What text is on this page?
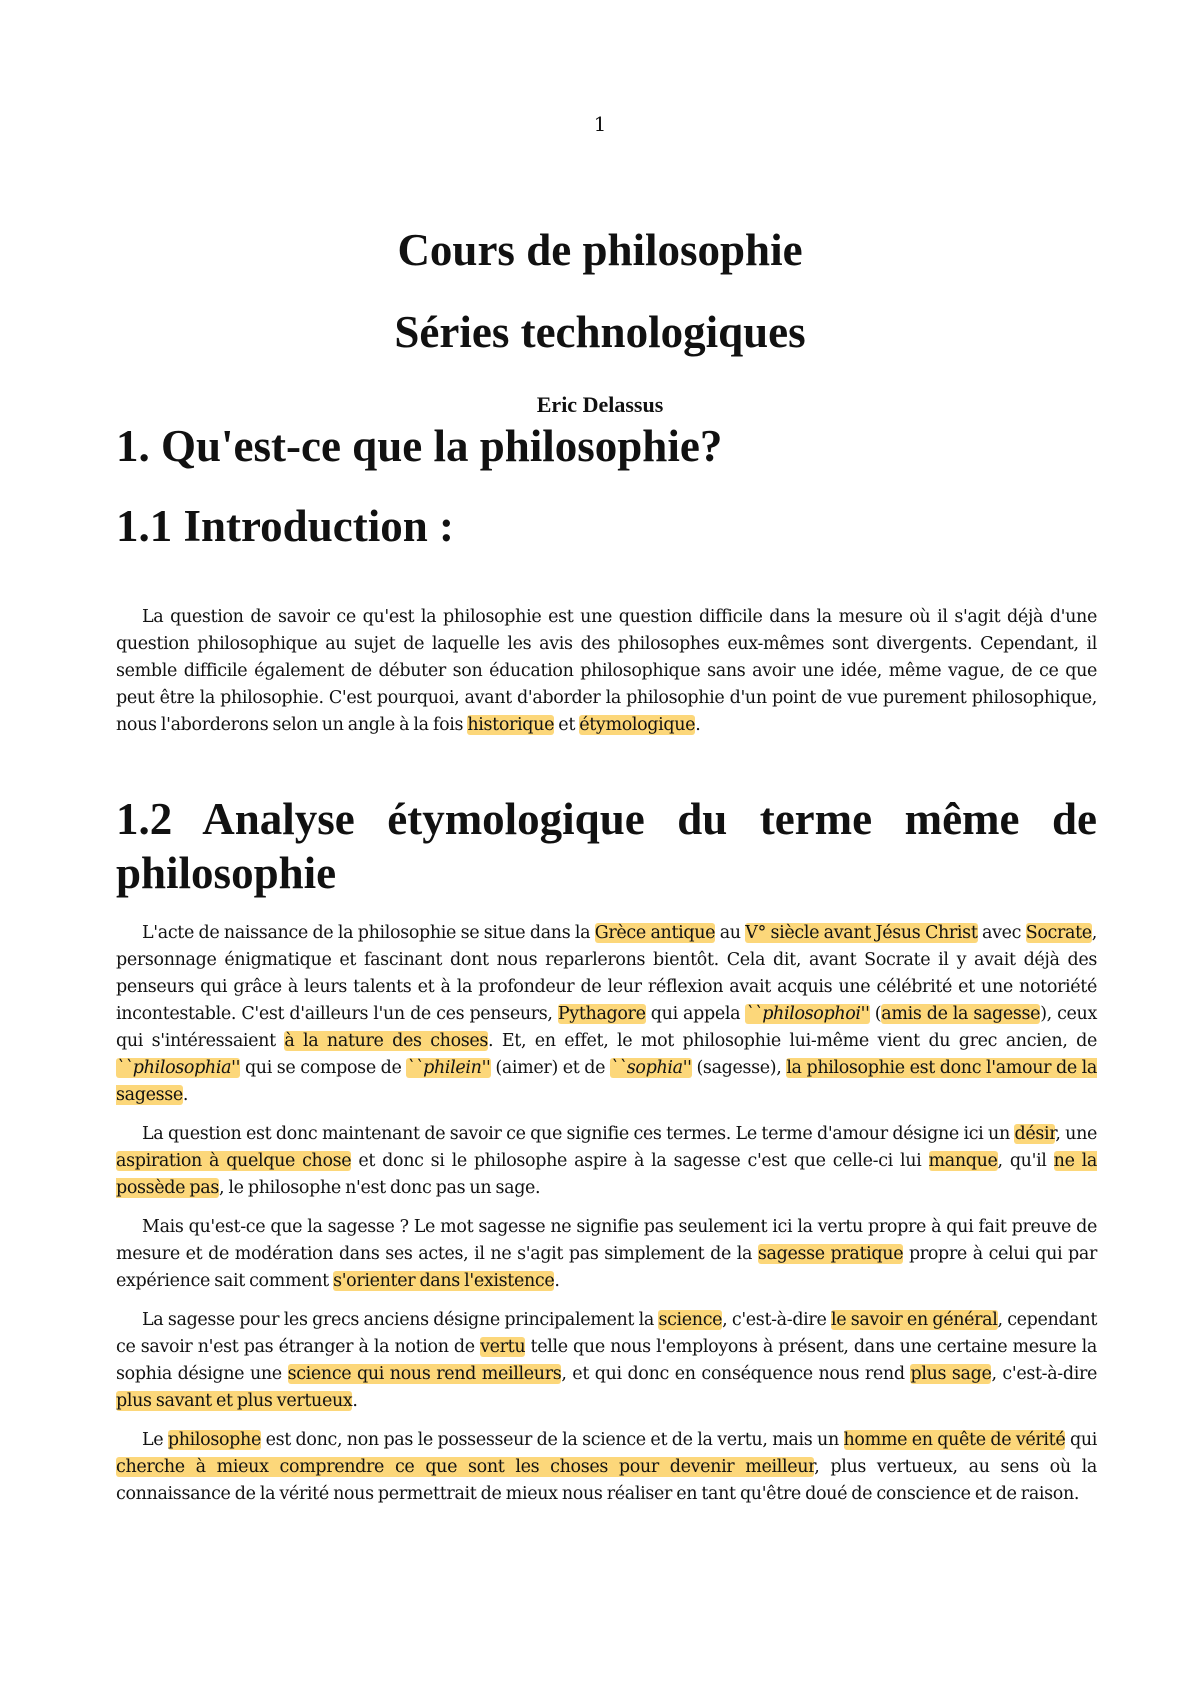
1
Cours de philosophie
Séries technologiques
Eric Delassus
1. Qu'est-ce que la philosophie?
1.1 Introduction :

La question de savoir ce qu'est la philosophie est une question difficile dans la mesure où il s'agit déjà d'une question philosophique au sujet de laquelle les avis des philosophes eux-mêmes sont divergents. Cependant, il semble difficile également de débuter son éducation philosophique sans avoir une idée, même vague, de ce que peut être la philosophie. C'est pourquoi, avant d'aborder la philosophie d'un point de vue purement philosophique, nous l'aborderons selon un angle à la fois historique et étymologique.

1.2 Analyse étymologique du terme même de philosophie

L'acte de naissance de la philosophie se situe dans la Grèce antique au V° siècle avant Jésus Christ avec Socrate, personnage énigmatique et fascinant dont nous reparlerons bientôt. Cela dit, avant Socrate il y avait déjà des penseurs qui grâce à leurs talents et à la profondeur de leur réflexion avait acquis une célébrité et une notoriété incontestable. C'est d'ailleurs l'un de ces penseurs, Pythagore qui appela ``philosophoi'' (amis de la sagesse), ceux qui s'intéressaient à la nature des choses. Et, en effet, le mot philosophie lui-même vient du grec ancien, de ``philosophia'' qui se compose de ``philein'' (aimer) et de ``sophia'' (sagesse), la philosophie est donc l'amour de la sagesse.

La question est donc maintenant de savoir ce que signifie ces termes. Le terme d'amour désigne ici un désir, une aspiration à quelque chose et donc si le philosophe aspire à la sagesse c'est que celle-ci lui manque, qu'il ne la possède pas, le philosophe n'est donc pas un sage.

Mais qu'est-ce que la sagesse ? Le mot sagesse ne signifie pas seulement ici la vertu propre à qui fait preuve de mesure et de modération dans ses actes, il ne s'agit pas simplement de la sagesse pratique propre à celui qui par expérience sait comment s'orienter dans l'existence.

La sagesse pour les grecs anciens désigne principalement la science, c'est-à-dire le savoir en général, cependant ce savoir n'est pas étranger à la notion de vertu telle que nous l'employons à présent, dans une certaine mesure la sophia désigne une science qui nous rend meilleurs, et qui donc en conséquence nous rend plus sage, c'est-à-dire plus savant et plus vertueux.

Le philosophe est donc, non pas le possesseur de la science et de la vertu, mais un homme en quête de vérité qui cherche à mieux comprendre ce que sont les choses pour devenir meilleur, plus vertueux, au sens où la connaissance de la vérité nous permettrait de mieux nous réaliser en tant qu'être doué de conscience et de raison.
